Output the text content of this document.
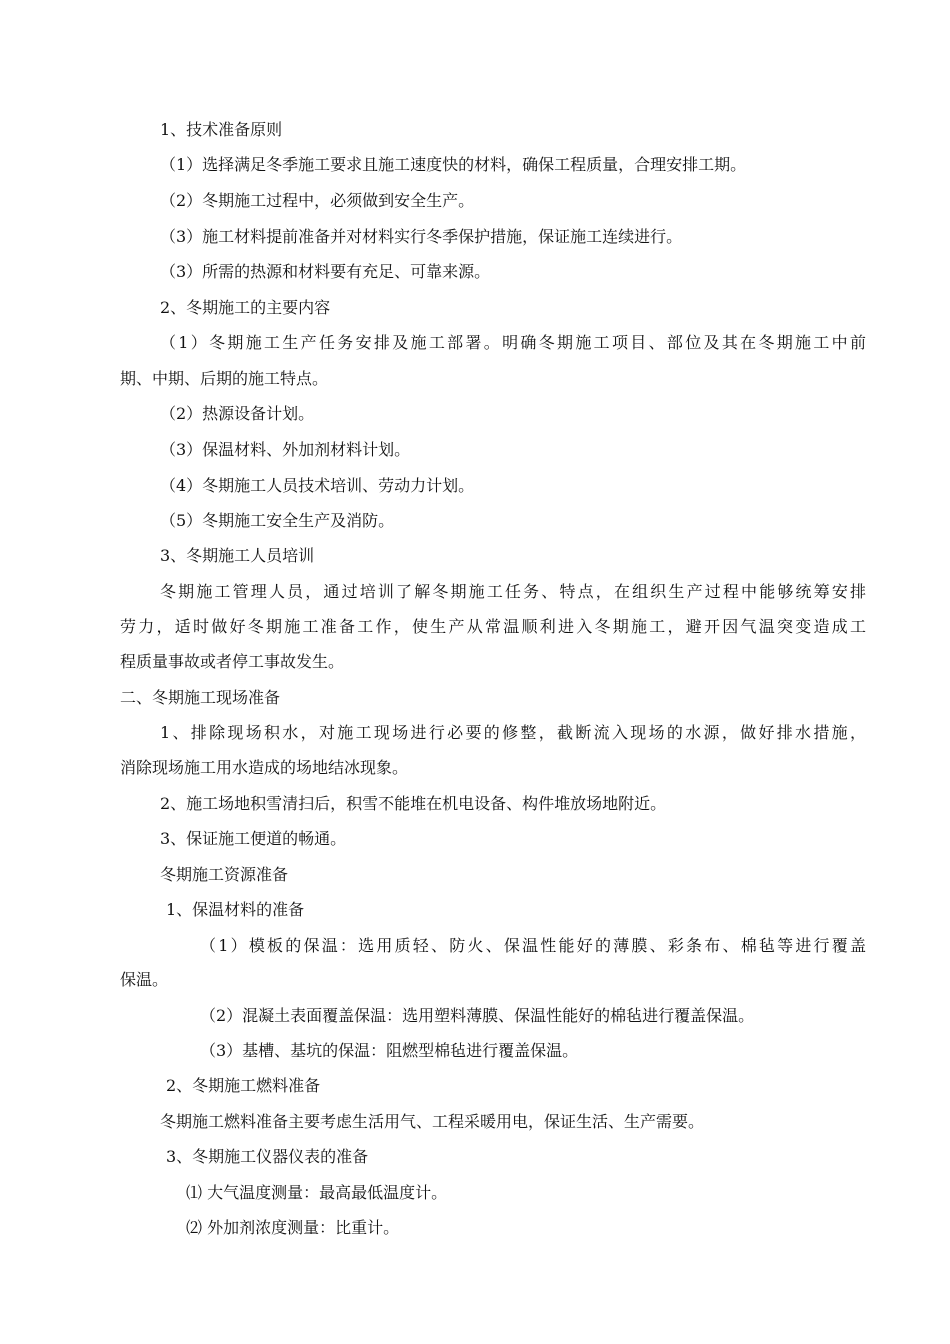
1、技术准备原则
（1）选择满足冬季施工要求且施工速度快的材料，确保工程质量，合理安排工期。
（2）冬期施工过程中，必须做到安全生产。
（3）施工材料提前准备并对材料实行冬季保护措施，保证施工连续进行。
（3）所需的热源和材料要有充足、可靠来源。
2、冬期施工的主要内容
（1）冬期施工生产任务安排及施工部署。明确冬期施工项目、部位及其在冬期施工中前
期、中期、后期的施工特点。
（2）热源设备计划。
（3）保温材料、外加剂材料计划。
（4）冬期施工人员技术培训、劳动力计划。
（5）冬期施工安全生产及消防。
3、冬期施工人员培训
冬期施工管理人员，通过培训了解冬期施工任务、特点，在组织生产过程中能够统筹安排
劳力，适时做好冬期施工准备工作，使生产从常温顺利进入冬期施工，避开因气温突变造成工
程质量事故或者停工事故发生。
二、冬期施工现场准备
1、排除现场积水，对施工现场进行必要的修整，截断流入现场的水源，做好排水措施，
消除现场施工用水造成的场地结冰现象。
2、施工场地积雪清扫后，积雪不能堆在机电设备、构件堆放场地附近。
3、保证施工便道的畅通。
冬期施工资源准备
1、保温材料的准备
（1）模板的保温：选用质轻、防火、保温性能好的薄膜、彩条布、棉毡等进行覆盖
保温。
（2）混凝土表面覆盖保温：选用塑料薄膜、保温性能好的棉毡进行覆盖保温。
（3）基槽、基坑的保温：阻燃型棉毡进行覆盖保温。
2、冬期施工燃料准备
冬期施工燃料准备主要考虑生活用气、工程采暖用电，保证生活、生产需要。
3、冬期施工仪器仪表的准备
⑴ 大气温度测量：最高最低温度计。
⑵ 外加剂浓度测量：比重计。
